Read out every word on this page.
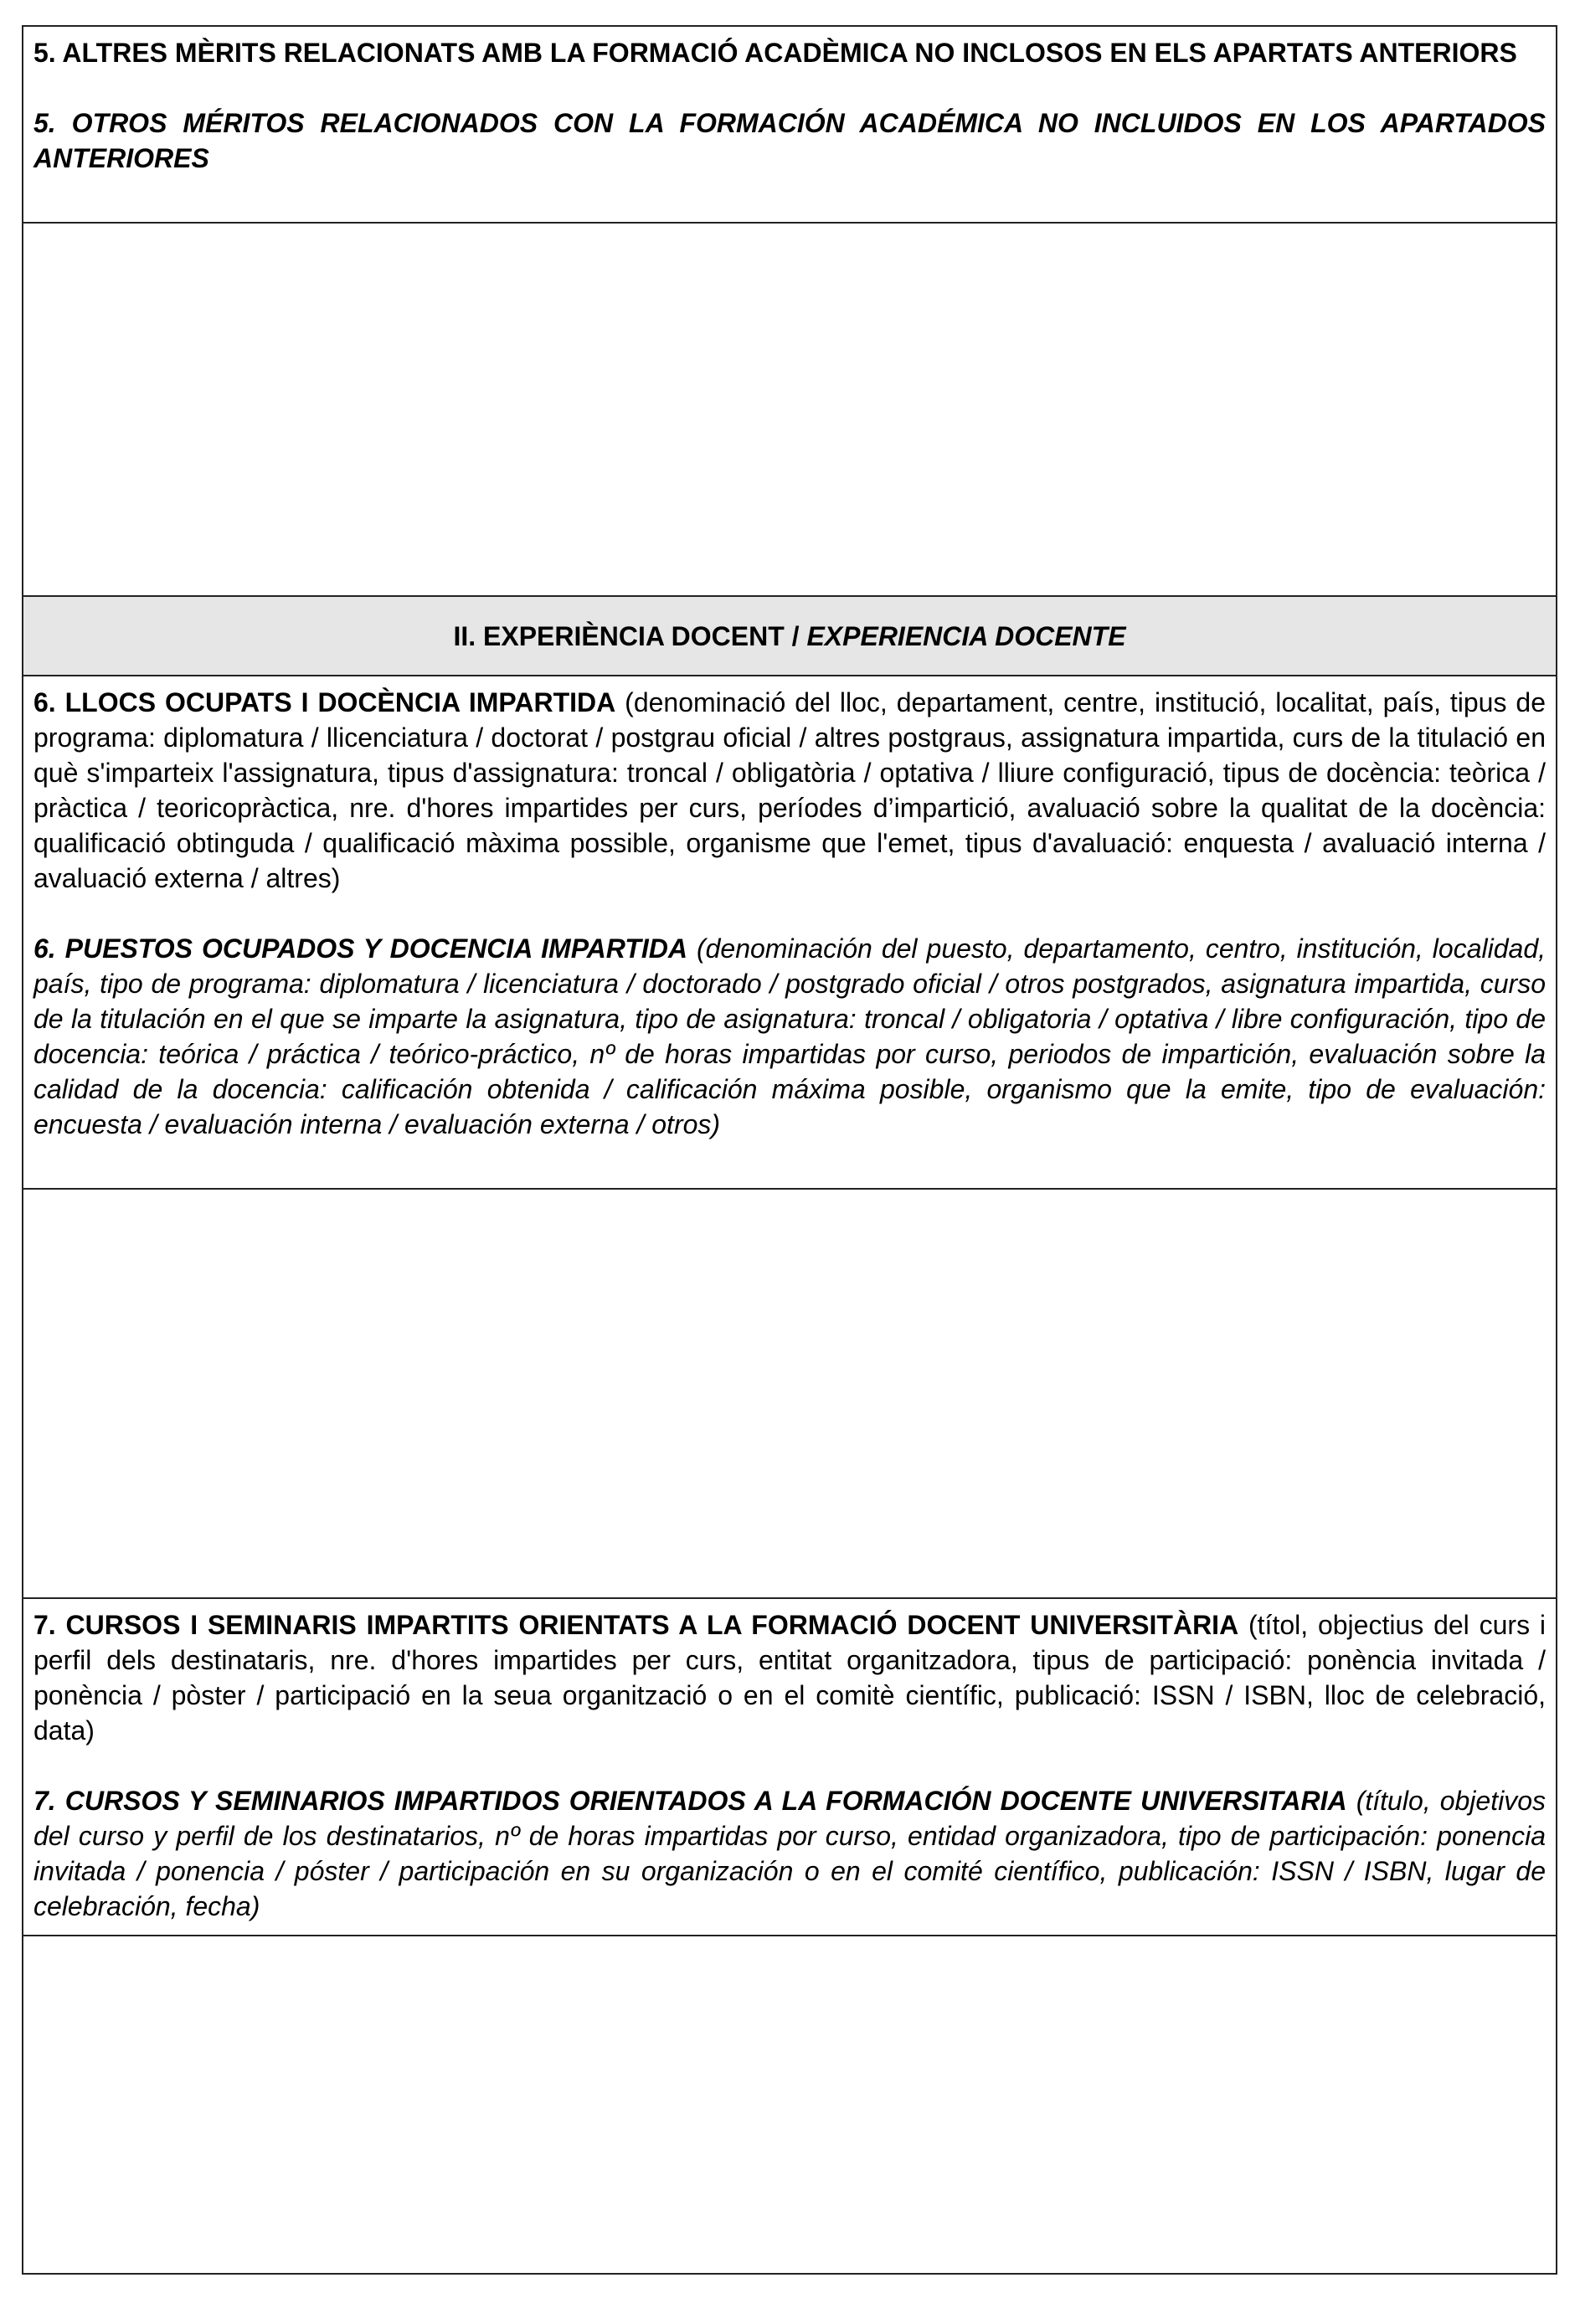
5. ALTRES MÈRITS RELACIONATS AMB LA FORMACIÓ ACADÈMICA NO INCLOSOS EN ELS APARTATS ANTERIORS

5. OTROS MÉRITOS RELACIONADOS CON LA FORMACIÓN ACADÉMICA NO INCLUIDOS EN LOS APARTADOS ANTERIORES

II. EXPERIÈNCIA DOCENT / EXPERIENCIA DOCENTE

6. LLOCS OCUPATS I DOCÈNCIA IMPARTIDA (denominació del lloc, departament, centre, institució, localitat, país, tipus de programa: diplomatura / llicenciatura / doctorat / postgrau oficial / altres postgraus, assignatura impartida, curs de la titulació en què s'imparteix l'assignatura, tipus d'assignatura: troncal / obligatòria / optativa / lliure configuració, tipus de docència: teòrica / pràctica / teoricopràctica, nre. d'hores impartides per curs, períodes d’impartició, avaluació sobre la qualitat de la docència: qualificació obtinguda / qualificació màxima possible, organisme que l'emet, tipus d'avaluació: enquesta / avaluació interna / avaluació externa / altres)

6. PUESTOS OCUPADOS Y DOCENCIA IMPARTIDA (denominación del puesto, departamento, centro, institución, localidad, país, tipo de programa: diplomatura / licenciatura / doctorado / postgrado oficial / otros postgrados, asignatura impartida, curso de la titulación en el que se imparte la asignatura, tipo de asignatura: troncal / obligatoria / optativa / libre configuración, tipo de docencia: teórica / práctica / teórico-práctico, nº de horas impartidas por curso, periodos de impartición, evaluación sobre la calidad de la docencia: calificación obtenida / calificación máxima posible, organismo que la emite, tipo de evaluación: encuesta / evaluación interna / evaluación externa / otros)

7. CURSOS I SEMINARIS IMPARTITS ORIENTATS A LA FORMACIÓ DOCENT UNIVERSITÀRIA (títol, objectius del curs i perfil dels destinataris, nre. d'hores impartides per curs, entitat organitzadora, tipus de participació: ponència invitada / ponència / pòster / participació en la seua organització o en el comitè científic, publicació: ISSN / ISBN, lloc de celebració, data)

7. CURSOS Y SEMINARIOS IMPARTIDOS ORIENTADOS A LA FORMACIÓN DOCENTE UNIVERSITARIA (título, objetivos del curso y perfil de los destinatarios, nº de horas impartidas por curso, entidad organizadora, tipo de participación: ponencia invitada / ponencia / póster / participación en su organización o en el comité científico, publicación: ISSN / ISBN, lugar de celebración, fecha)
